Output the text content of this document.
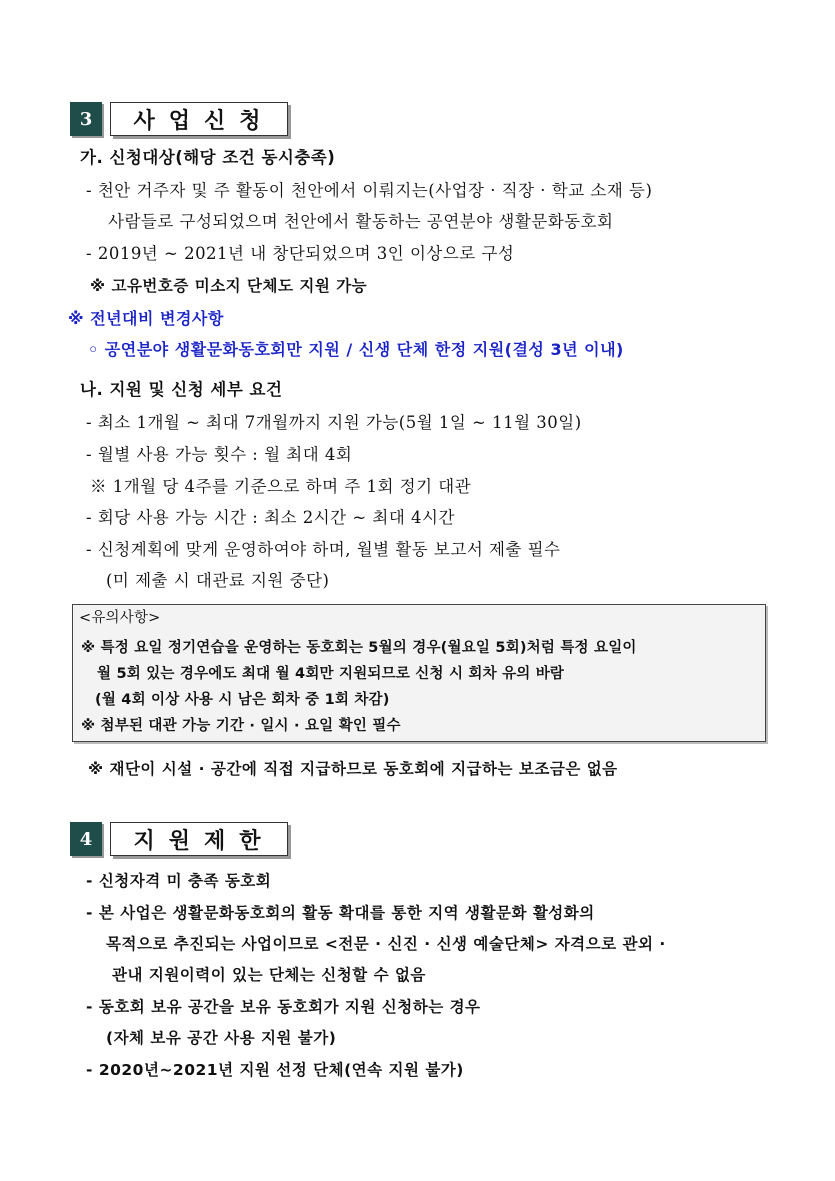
3	사업신청
가. 신청대상(해당 조건 동시충족)
- 천안 거주자 및 주 활동이 천안에서 이뤄지는(사업장 · 직장 · 학교 소재 등)
사람들로 구성되었으며 천안에서 활동하는 공연분야 생활문화동호회
- 2019년 ~ 2021년 내 창단되었으며 3인 이상으로 구성
※ 고유번호증 미소지 단체도 지원 가능
※ 전년대비 변경사항
◦ 공연분야 생활문화동호회만 지원 / 신생 단체 한정 지원(결성 3년 이내)
나. 지원 및 신청 세부 요건
- 최소 1개월 ~ 최대 7개월까지 지원 가능(5월 1일 ~ 11월 30일)
- 월별 사용 가능 횟수 : 월 최대 4회
※ 1개월 당 4주를 기준으로 하며 주 1회 정기 대관
- 회당 사용 가능 시간 : 최소 2시간 ~ 최대 4시간
- 신청계획에 맞게 운영하여야 하며, 월별 활동 보고서 제출 필수
(미 제출 시 대관료 지원 중단)
<유의사항>
※ 특정 요일 정기연습을 운영하는 동호회는 5월의 경우(월요일 5회)처럼 특정 요일이
월 5회 있는 경우에도 최대 월 4회만 지원되므로 신청 시 회차 유의 바람
(월 4회 이상 사용 시 남은 회차 중 1회 차감)
※ 첨부된 대관 가능 기간 · 일시 · 요일 확인 필수
※ 재단이 시설 · 공간에 직접 지급하므로 동호회에 지급하는 보조금은 없음
4	지원제한
- 신청자격 미 충족 동호회
- 본 사업은 생활문화동호회의 활동 확대를 통한 지역 생활문화 활성화의
목적으로 추진되는 사업이므로 <전문 · 신진 · 신생 예술단체> 자격으로 관외 ·
관내 지원이력이 있는 단체는 신청할 수 없음
- 동호회 보유 공간을 보유 동호회가 지원 신청하는 경우
(자체 보유 공간 사용 지원 불가)
- 2020년~2021년 지원 선정 단체(연속 지원 불가)
